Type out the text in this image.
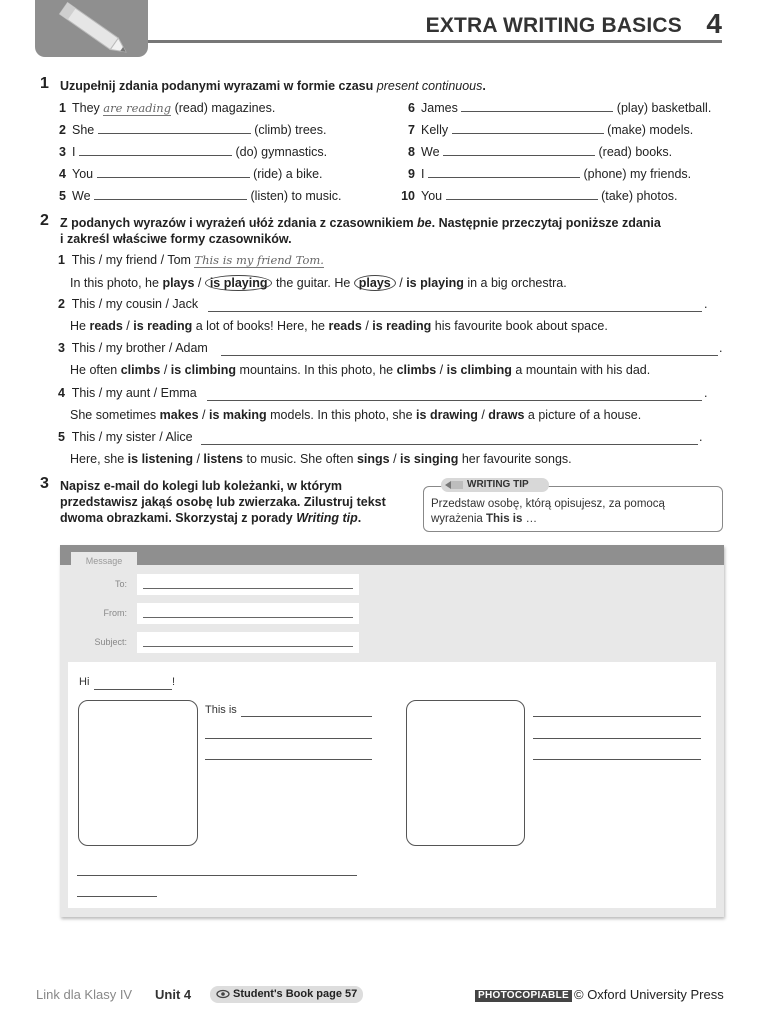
EXTRA WRITING BASICS 4
1 Uzupełnij zdania podanymi wyrazami w formie czasu present continuous.
1 They are reading (read) magazines.
2 She	(climb) trees.
3 I	(do) gymnastics.
4 You	(ride) a bike.
5 We	(listen) to music.
6 James	(play) basketball.
7 Kelly	(make) models.
8 We	(read) books.
9 I	(phone) my friends.
10 You	(take) photos.
2 Z podanych wyrazów i wyrażeń ułóż zdania z czasownikiem be. Następnie przeczytaj poniższe zdania
i zakreśl właściwe formy czasowników.
1 This / my friend / Tom This is my friend Tom.
In this photo, he plays / is playing the guitar. He plays / is playing in a big orchestra.
2 This / my cousin / Jack	.
He reads / is reading a lot of books! Here, he reads / is reading his favourite book about space.
3 This / my brother / Adam	.
He often climbs / is climbing mountains. In this photo, he climbs / is climbing a mountain with his dad.
4 This / my aunt / Emma	.
She sometimes makes / is making models. In this photo, she is drawing / draws a picture of a house.
5 This / my sister / Alice	.
Here, she is listening / listens to music. She often sings / is singing her favourite songs.
3 Napisz e-mail do kolegi lub koleżanki, w którym
przedstawisz jakąś osobę lub zwierzaka. Zilustruj tekst
dwoma obrazkami. Skorzystaj z porady Writing tip.
WRITING TIP
Przedstaw osobę, którą opisujesz, za pomocą
wyrażenia This is …
Message
To:
From:
Subject:
Hi	!
This is
Link dla Klasy IV Unit 4	Student's Book page 57	PHOTOCOPIABLE © Oxford University Press
